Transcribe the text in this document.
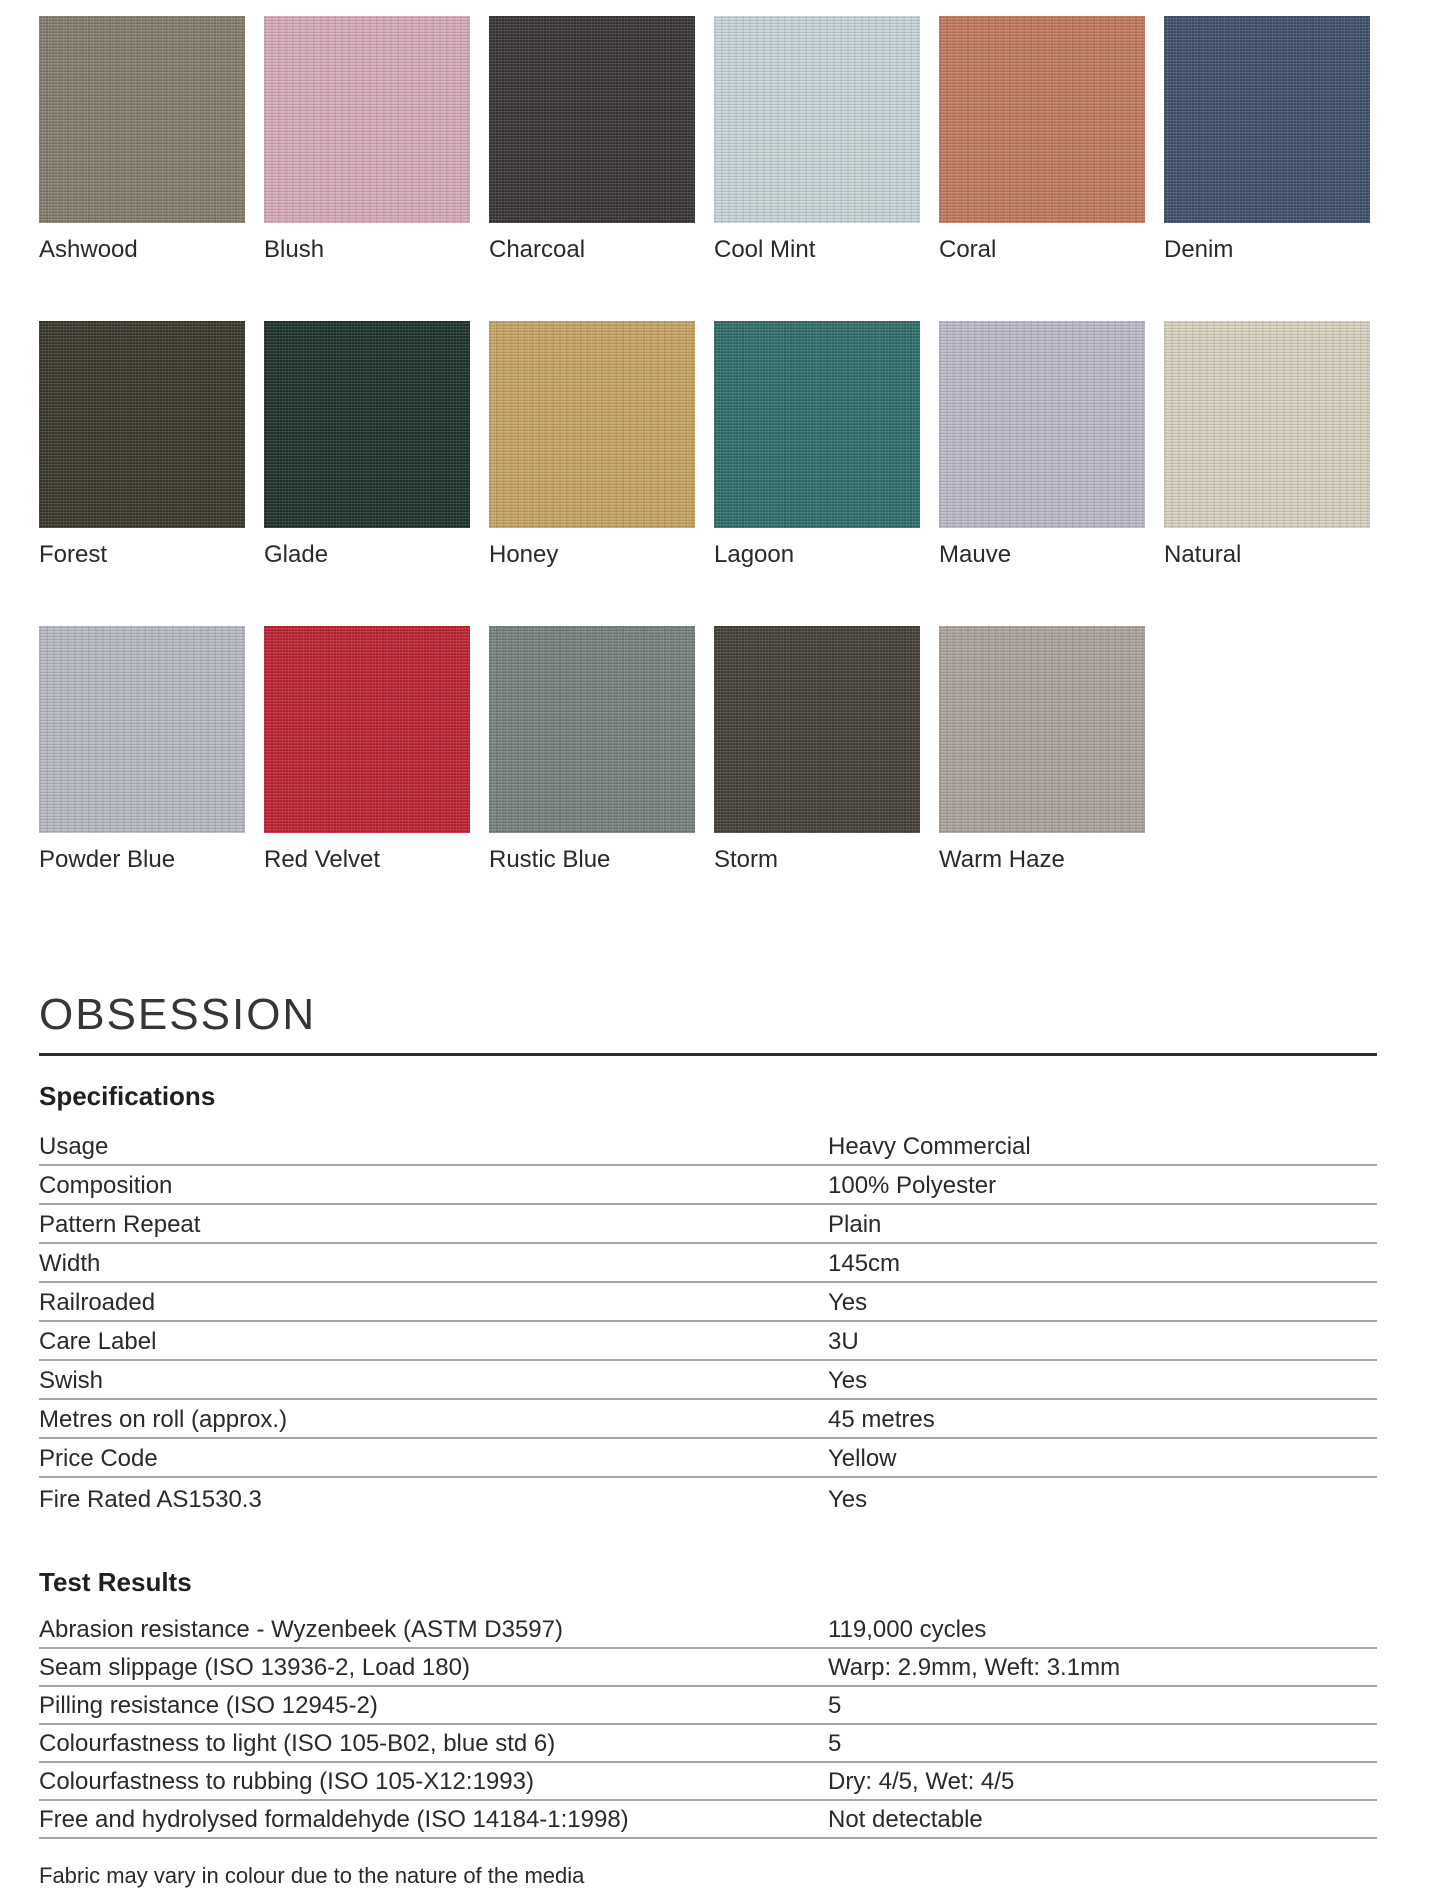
Ashwood	Blush	Charcoal	Cool Mint	Coral	Denim
Forest	Glade	Honey	Lagoon	Mauve	Natural
Powder Blue	Red Velvet	Rustic Blue	Storm	Warm Haze
OBSESSION
Specifications
Usage	Heavy Commercial
Composition	100% Polyester
Pattern Repeat	Plain
Width	145cm
Railroaded	Yes
Care Label	3U
Swish	Yes
Metres on roll (approx.)	45 metres
Price Code	Yellow
Fire Rated AS1530.3	Yes
Test Results
Abrasion resistance - Wyzenbeek (ASTM D3597)	119,000 cycles
Seam slippage (ISO 13936-2, Load 180)	Warp: 2.9mm, Weft: 3.1mm
Pilling resistance (ISO 12945-2)	5
Colourfastness to light (ISO 105-B02, blue std 6)	5
Colourfastness to rubbing (ISO 105-X12:1993)	Dry: 4/5, Wet: 4/5
Free and hydrolysed formaldehyde (ISO 14184-1:1998)	Not detectable

Fabric may vary in colour due to the nature of the media
